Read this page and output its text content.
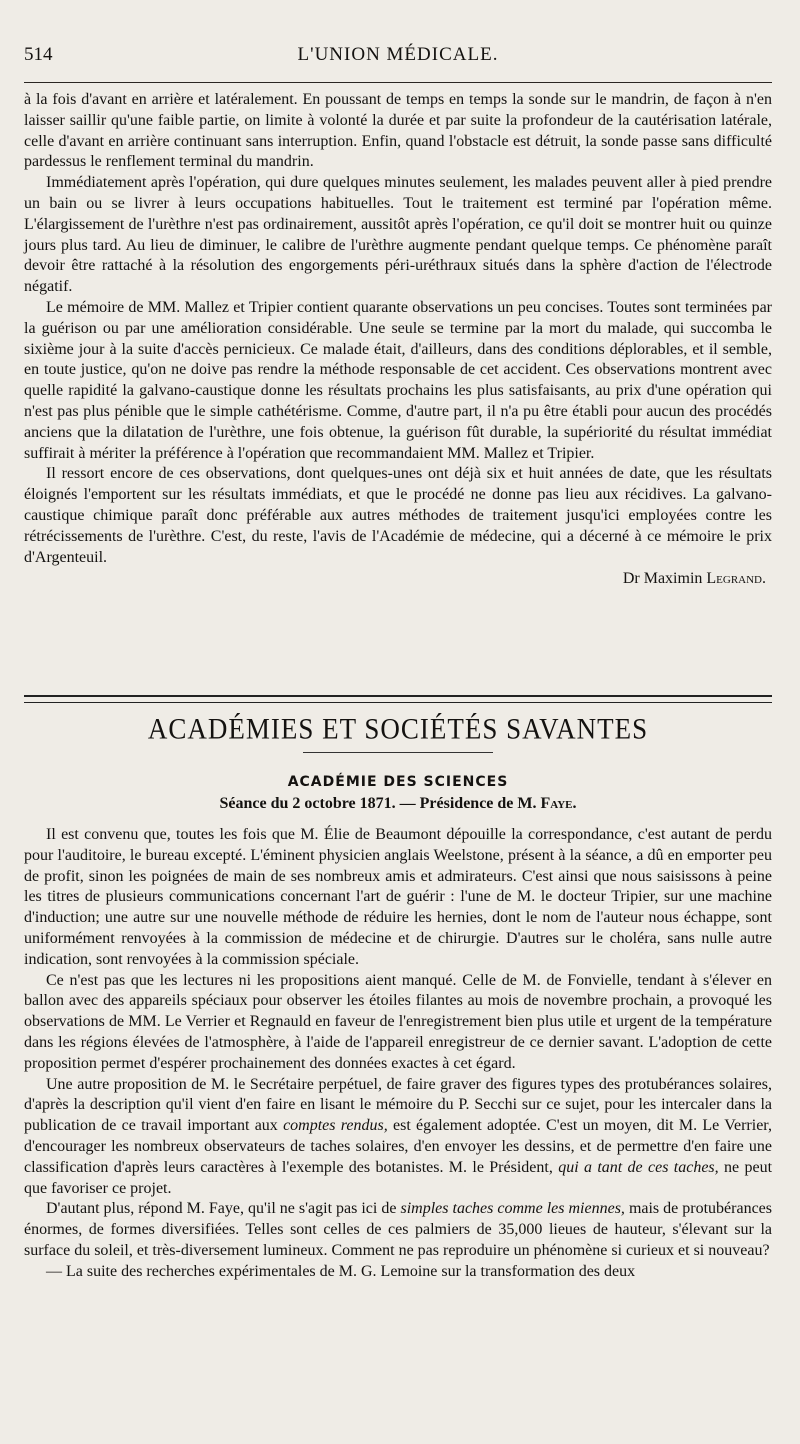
514	L'UNION MÉDICALE.

à la fois d'avant en arrière et latéralement. En poussant de temps en temps la sonde sur le mandrin, de façon à n'en laisser saillir qu'une faible partie, on limite à volonté la durée et par suite la profondeur de la cautérisation latérale, celle d'avant en arrière continuant sans interruption. Enfin, quand l'obstacle est détruit, la sonde passe sans difficulté pardessus le renflement terminal du mandrin.

Immédiatement après l'opération, qui dure quelques minutes seulement, les malades peuvent aller à pied prendre un bain ou se livrer à leurs occupations habituelles. Tout le traitement est terminé par l'opération même. L'élargissement de l'urèthre n'est pas ordinairement, aussitôt après l'opération, ce qu'il doit se montrer huit ou quinze jours plus tard. Au lieu de diminuer, le calibre de l'urèthre augmente pendant quelque temps. Ce phénomène paraît devoir être rattaché à la résolution des engorgements péri-uréthraux situés dans la sphère d'action de l'électrode négatif.

Le mémoire de MM. Mallez et Tripier contient quarante observations un peu concises. Toutes sont terminées par la guérison ou par une amélioration considérable. Une seule se termine par la mort du malade, qui succomba le sixième jour à la suite d'accès pernicieux. Ce malade était, d'ailleurs, dans des conditions déplorables, et il semble, en toute justice, qu'on ne doive pas rendre la méthode responsable de cet accident. Ces observations montrent avec quelle rapidité la galvano-caustique donne les résultats prochains les plus satisfaisants, au prix d'une opération qui n'est pas plus pénible que le simple cathétérisme. Comme, d'autre part, il n'a pu être établi pour aucun des procédés anciens que la dilatation de l'urèthre, une fois obtenue, la guérison fût durable, la supériorité du résultat immédiat suffirait à mériter la préférence à l'opération que recommandaient MM. Mallez et Tripier.

Il ressort encore de ces observations, dont quelques-unes ont déjà six et huit années de date, que les résultats éloignés l'emportent sur les résultats immédiats, et que le procédé ne donne pas lieu aux récidives. La galvano-caustique chimique paraît donc préférable aux autres méthodes de traitement jusqu'ici employées contre les rétrécissements de l'urèthre. C'est, du reste, l'avis de l'Académie de médecine, qui a décerné à ce mémoire le prix d'Argenteuil.

Dr Maximin Legrand.
ACADÉMIES ET SOCIÉTÉS SAVANTES
ACADÉMIE DES SCIENCES
Séance du 2 octobre 1871. — Présidence de M. Faye.

Il est convenu que, toutes les fois que M. Élie de Beaumont dépouille la correspondance, c'est autant de perdu pour l'auditoire, le bureau excepté. L'éminent physicien anglais Weelstone, présent à la séance, a dû en emporter peu de profit, sinon les poignées de main de ses nombreux amis et admirateurs. C'est ainsi que nous saisissons à peine les titres de plusieurs communications concernant l'art de guérir : l'une de M. le docteur Tripier, sur une machine d'induction; une autre sur une nouvelle méthode de réduire les hernies, dont le nom de l'auteur nous échappe, sont uniformément renvoyées à la commission de médecine et de chirurgie. D'autres sur le choléra, sans nulle autre indication, sont renvoyées à la commission spéciale.

Ce n'est pas que les lectures ni les propositions aient manqué. Celle de M. de Fonvielle, tendant à s'élever en ballon avec des appareils spéciaux pour observer les étoiles filantes au mois de novembre prochain, a provoqué les observations de MM. Le Verrier et Regnauld en faveur de l'enregistrement bien plus utile et urgent de la température dans les régions élevées de l'atmosphère, à l'aide de l'appareil enregistreur de ce dernier savant. L'adoption de cette proposition permet d'espérer prochainement des données exactes à cet égard.

Une autre proposition de M. le Secrétaire perpétuel, de faire graver des figures types des protubérances solaires, d'après la description qu'il vient d'en faire en lisant le mémoire du P. Secchi sur ce sujet, pour les intercaler dans la publication de ce travail important aux comptes rendus, est également adoptée. C'est un moyen, dit M. Le Verrier, d'encourager les nombreux observateurs de taches solaires, d'en envoyer les dessins, et de permettre d'en faire une classification d'après leurs caractères à l'exemple des botanistes. M. le Président, qui a tant de ces taches, ne peut que favoriser ce projet.

D'autant plus, répond M. Faye, qu'il ne s'agit pas ici de simples taches comme les miennes, mais de protubérances énormes, de formes diversifiées. Telles sont celles de ces palmiers de 35,000 lieues de hauteur, s'élevant sur la surface du soleil, et très-diversement lumineux. Comment ne pas reproduire un phénomène si curieux et si nouveau?

— La suite des recherches expérimentales de M. G. Lemoine sur la transformation des deux
